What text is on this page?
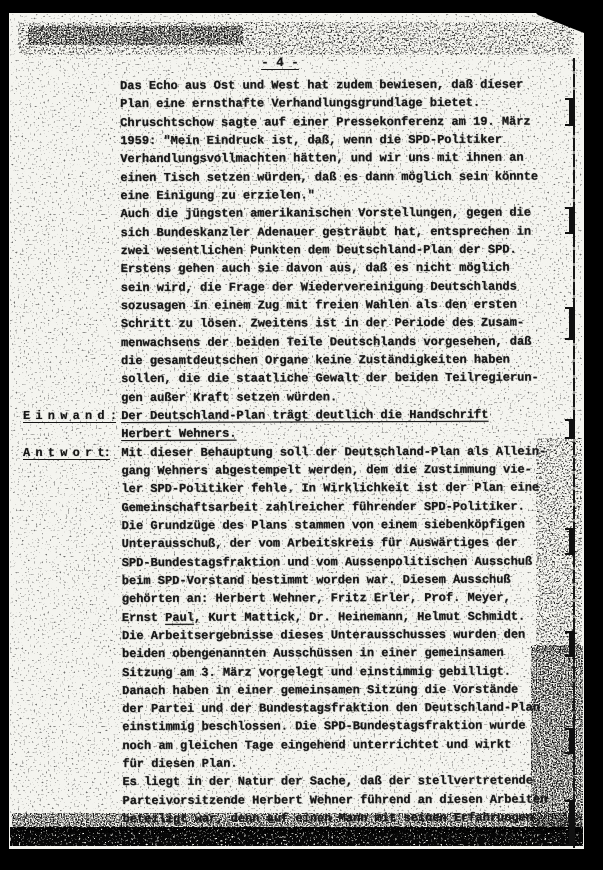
- 4 -
Das Echo aus Ost und West hat zudem bewiesen, daß dieser
Plan eine ernsthafte Verhandlungsgrundlage bietet.
Chruschtschow sagte auf einer Pressekonferenz am 19. März
1959: "Mein Eindruck ist, daß, wenn die SPD-Politiker
Verhandlungsvollmachten hätten, und wir uns mit ihnen an
einen Tisch setzen würden, daß es dann möglich sein könnte
eine Einigung zu erzielen."
Auch die jüngsten amerikanischen Vorstellungen, gegen die
sich Bundeskanzler Adenauer gesträubt hat, entsprechen in
zwei wesentlichen Punkten dem Deutschland-Plan der SPD.
Erstens gehen auch sie davon aus, daß es nicht möglich
sein wird, die Frage der Wiedervereinigung Deutschlands
sozusagen in einem Zug mit freien Wahlen als den ersten
Schritt zu lösen. Zweitens ist in der Periode des Zusam-
menwachsens der beiden Teile Deutschlands vorgesehen, daß
die gesamtdeutschen Organe keine Zuständigkeiten haben
sollen, die die staatliche Gewalt der beiden Teilregierun-
gen außer Kraft setzen würden.
Der Deutschland-Plan trägt deutlich die Handschrift
Herbert Wehners.
Mit dieser Behauptung soll der Deutschland-Plan als Allein-
gang Wehners abgestempelt werden, dem die Zustimmung vie-
ler SPD-Politiker fehle. In Wirklichkeit ist der Plan eine
Gemeinschaftsarbeit zahlreicher führender SPD-Politiker.
Die Grundzüge des Plans stammen von einem siebenköpfigen
Unterausschuß, der vom Arbeitskreis für Auswärtiges der
SPD-Bundestagsfraktion und vom Aussenpolitischen Ausschuß
beim SPD-Vorstand bestimmt worden war. Diesem Ausschuß
gehörten an: Herbert Wehner, Fritz Erler, Prof. Meyer,
Ernst Paul, Kurt Mattick, Dr. Heinemann, Helmut Schmidt.
Die Arbeitsergebnisse dieses Unterausschusses wurden den
beiden obengenannten Ausschüssen in einer gemeinsamen
Sitzung am 3. März vorgelegt und einstimmig gebilligt.
Danach haben in einer gemeinsamen Sitzung die Vorstände
der Partei und der Bundestagsfraktion den Deutschland-Plan
einstimmig beschlossen. Die SPD-Bundestagsfraktion wurde
noch am gleichen Tage eingehend unterrichtet und wirkt
für diesen Plan.
Es liegt in der Natur der Sache, daß der stellvertretende
Parteivorsitzende Herbert Wehner führend an diesen Arbeiten
beteiligt war, denn auf einen Mann mit seinen Erfahrungen
E i n w a n d :
A n t w o r t:
